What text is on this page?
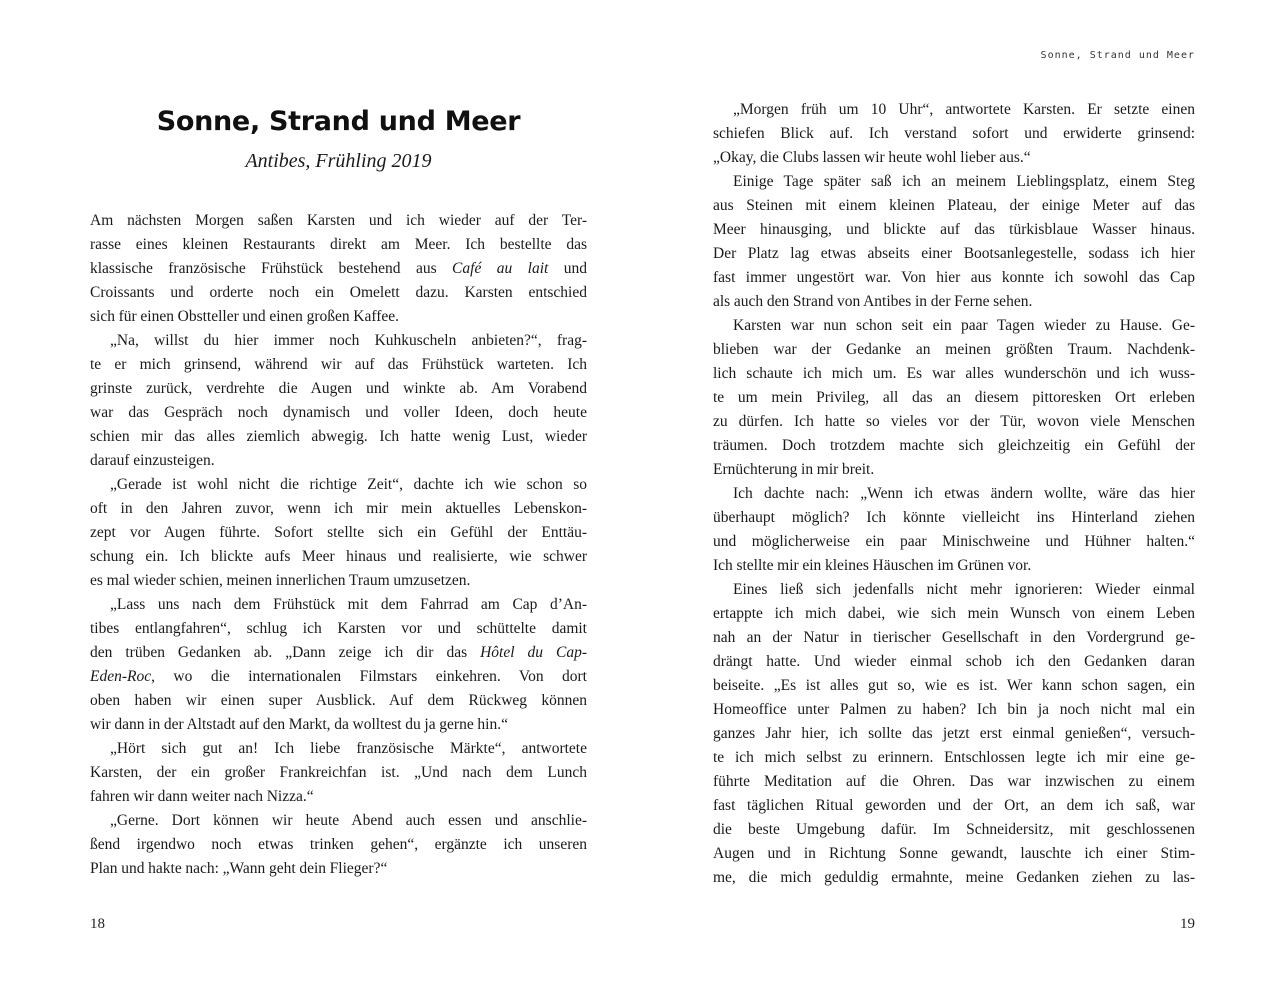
Sonne, Strand und Meer
Antibes, Frühling 2019
Am nächsten Morgen saßen Karsten und ich wieder auf der Ter-
rasse eines kleinen Restaurants direkt am Meer. Ich bestellte das
klassische französische Frühstück bestehend aus Café au lait und
Croissants und orderte noch ein Omelett dazu. Karsten entschied
sich für einen Obstteller und einen großen Kaffee.
„Na, willst du hier immer noch Kuhkuscheln anbieten?“, frag-
te er mich grinsend, während wir auf das Frühstück warteten. Ich
grinste zurück, verdrehte die Augen und winkte ab. Am Vorabend
war das Gespräch noch dynamisch und voller Ideen, doch heute
schien mir das alles ziemlich abwegig. Ich hatte wenig Lust, wieder
darauf einzusteigen.
„Gerade ist wohl nicht die richtige Zeit“, dachte ich wie schon so
oft in den Jahren zuvor, wenn ich mir mein aktuelles Lebenskon-
zept vor Augen führte. Sofort stellte sich ein Gefühl der Enttäu-
schung ein. Ich blickte aufs Meer hinaus und realisierte, wie schwer
es mal wieder schien, meinen innerlichen Traum umzusetzen.
„Lass uns nach dem Frühstück mit dem Fahrrad am Cap d’An-
tibes entlangfahren“, schlug ich Karsten vor und schüttelte damit
den trüben Gedanken ab. „Dann zeige ich dir das Hôtel du Cap-
Eden-Roc, wo die internationalen Filmstars einkehren. Von dort
oben haben wir einen super Ausblick. Auf dem Rückweg können
wir dann in der Altstadt auf den Markt, da wolltest du ja gerne hin.“
„Hört sich gut an! Ich liebe französische Märkte“, antwortete
Karsten, der ein großer Frankreichfan ist. „Und nach dem Lunch
fahren wir dann weiter nach Nizza.“
„Gerne. Dort können wir heute Abend auch essen und anschlie-
ßend irgendwo noch etwas trinken gehen“, ergänzte ich unseren
Plan und hakte nach: „Wann geht dein Flieger?“
Sonne, Strand und Meer
„Morgen früh um 10 Uhr“, antwortete Karsten. Er setzte einen
schiefen Blick auf. Ich verstand sofort und erwiderte grinsend:
„Okay, die Clubs lassen wir heute wohl lieber aus.“
Einige Tage später saß ich an meinem Lieblingsplatz, einem Steg
aus Steinen mit einem kleinen Plateau, der einige Meter auf das
Meer hinausging, und blickte auf das türkisblaue Wasser hinaus.
Der Platz lag etwas abseits einer Bootsanlegestelle, sodass ich hier
fast immer ungestört war. Von hier aus konnte ich sowohl das Cap
als auch den Strand von Antibes in der Ferne sehen.
Karsten war nun schon seit ein paar Tagen wieder zu Hause. Ge-
blieben war der Gedanke an meinen größten Traum. Nachdenk-
lich schaute ich mich um. Es war alles wunderschön und ich wuss-
te um mein Privileg, all das an diesem pittoresken Ort erleben
zu dürfen. Ich hatte so vieles vor der Tür, wovon viele Menschen
träumen. Doch trotzdem machte sich gleichzeitig ein Gefühl der
Ernüchterung in mir breit.
Ich dachte nach: „Wenn ich etwas ändern wollte, wäre das hier
überhaupt möglich? Ich könnte vielleicht ins Hinterland ziehen
und möglicherweise ein paar Minischweine und Hühner halten.“
Ich stellte mir ein kleines Häuschen im Grünen vor.
Eines ließ sich jedenfalls nicht mehr ignorieren: Wieder einmal
ertappte ich mich dabei, wie sich mein Wunsch von einem Leben
nah an der Natur in tierischer Gesellschaft in den Vordergrund ge-
drängt hatte. Und wieder einmal schob ich den Gedanken daran
beiseite. „Es ist alles gut so, wie es ist. Wer kann schon sagen, ein
Homeoffice unter Palmen zu haben? Ich bin ja noch nicht mal ein
ganzes Jahr hier, ich sollte das jetzt erst einmal genießen“, versuch-
te ich mich selbst zu erinnern. Entschlossen legte ich mir eine ge-
führte Meditation auf die Ohren. Das war inzwischen zu einem
fast täglichen Ritual geworden und der Ort, an dem ich saß, war
die beste Umgebung dafür. Im Schneidersitz, mit geschlossenen
Augen und in Richtung Sonne gewandt, lauschte ich einer Stim-
me, die mich geduldig ermahnte, meine Gedanken ziehen zu las-
18	19
